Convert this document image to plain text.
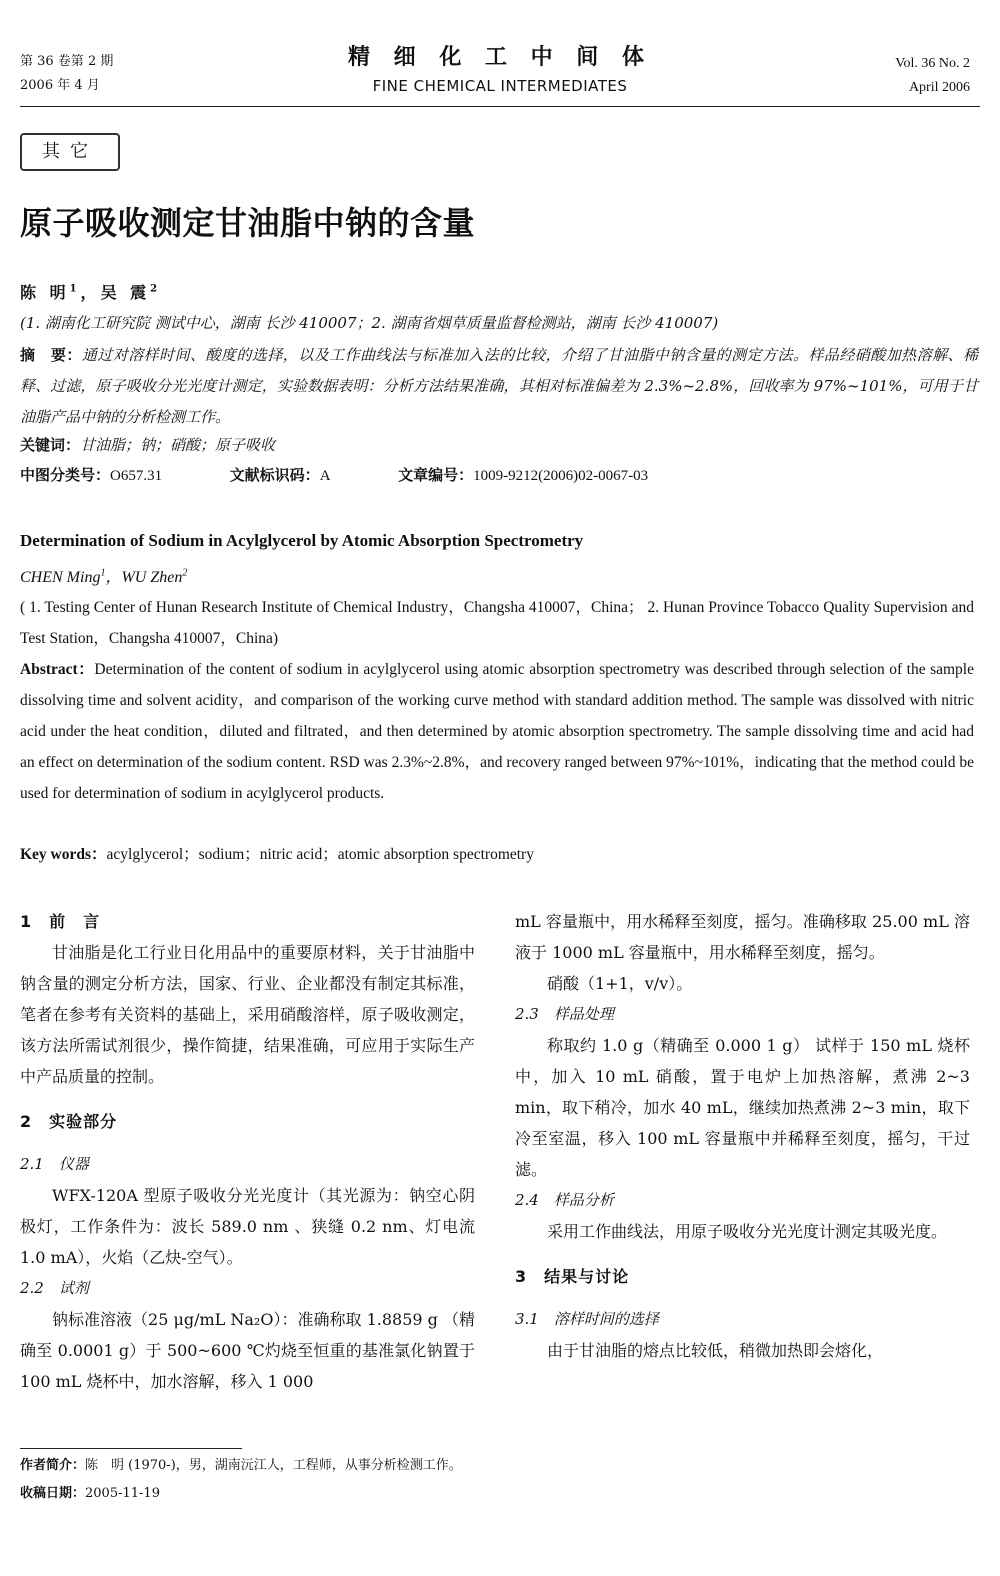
第 36 卷第 2 期
2006 年 4 月
精 细 化 工 中 间 体
FINE CHEMICAL INTERMEDIATES
Vol. 36 No. 2
April 2006
其它
原子吸收测定甘油脂中钠的含量
陈 明$^1$，吴 震$^2$
(1. 湖南化工研究院 测试中心，湖南 长沙 410007；2. 湖南省烟草质量监督检测站，湖南 长沙 410007)
摘　要：通过对溶样时间、酸度的选择，以及工作曲线法与标准加入法的比较，介绍了甘油脂中钠含量的测定方法。样品经硝酸加热溶解、稀释、过滤，原子吸收分光光度计测定，实验数据表明：分析方法结果准确，其相对标准偏差为 2.3%~2.8%，回收率为 97%~101%，可用于甘油脂产品中钠的分析检测工作。
关键词：甘油脂；钠；硝酸；原子吸收
中图分类号：O657.31	文献标识码：A	文章编号：1009-9212(2006)02-0067-03
Determination of Sodium in Acylglycerol by Atomic Absorption Spectrometry
CHEN Ming$^1$，WU Zhen$^2$
( 1. Testing Center of Hunan Research Institute of Chemical Industry，Changsha 410007，China； 2. Hunan Province Tobacco Quality Supervision and Test Station，Changsha 410007，China)
Abstract：Determination of the content of sodium in acylglycerol using atomic absorption spectrometry was described through selection of the sample dissolving time and solvent acidity，and comparison of the working curve method with standard addition method. The sample was dissolved with nitric acid under the heat condition，diluted and filtrated，and then determined by atomic absorption spectrometry. The sample dissolving time and acid had an effect on determination of the sodium content. RSD was 2.3%~2.8%，and recovery ranged between 97%~101%，indicating that the method could be used for determination of sodium in acylglycerol products.
Key words：acylglycerol；sodium；nitric acid；atomic absorption spectrometry

1　前　言

甘油脂是化工行业日化用品中的重要原材料，关于甘油脂中钠含量的测定分析方法，国家、行业、企业都没有制定其标准，笔者在参考有关资料的基础上，采用硝酸溶样，原子吸收测定，该方法所需试剂很少，操作简捷，结果准确，可应用于实际生产中产品质量的控制。

2　实验部分

2.1　仪器

WFX-120A 型原子吸收分光光度计（其光源为：钠空心阴极灯，工作条件为：波长 589.0 nm 、狭缝 0.2 nm、灯电流 1.0 mA），火焰（乙炔-空气）。

2.2　试剂

钠标准溶液（25 μg/mL Na₂O）：准确称取 1.8859 g （精确至 0.0001 g）于 500~600 ℃灼烧至恒重的基准氯化钠置于 100 mL 烧杯中，加水溶解，移入 1 000

mL 容量瓶中，用水稀释至刻度，摇匀。准确移取 25.00 mL 溶液于 1000 mL 容量瓶中，用水稀释至刻度，摇匀。

硝酸（1+1，v/v）。

2.3　样品处理

称取约 1.0 g（精确至 0.000 1 g） 试样于 150 mL 烧杯中，加入 10 mL 硝酸，置于电炉上加热溶解，煮沸 2~3 min，取下稍冷，加水 40 mL，继续加热煮沸 2~3 min，取下冷至室温，移入 100 mL 容量瓶中并稀释至刻度，摇匀，干过滤。

2.4　样品分析

采用工作曲线法，用原子吸收分光光度计测定其吸光度。

3　结果与讨论

3.1　溶样时间的选择

由于甘油脂的熔点比较低，稍微加热即会熔化，

作者简介：陈　明 (1970-)，男，湖南沅江人，工程师，从事分析检测工作。
收稿日期：2005-11-19
